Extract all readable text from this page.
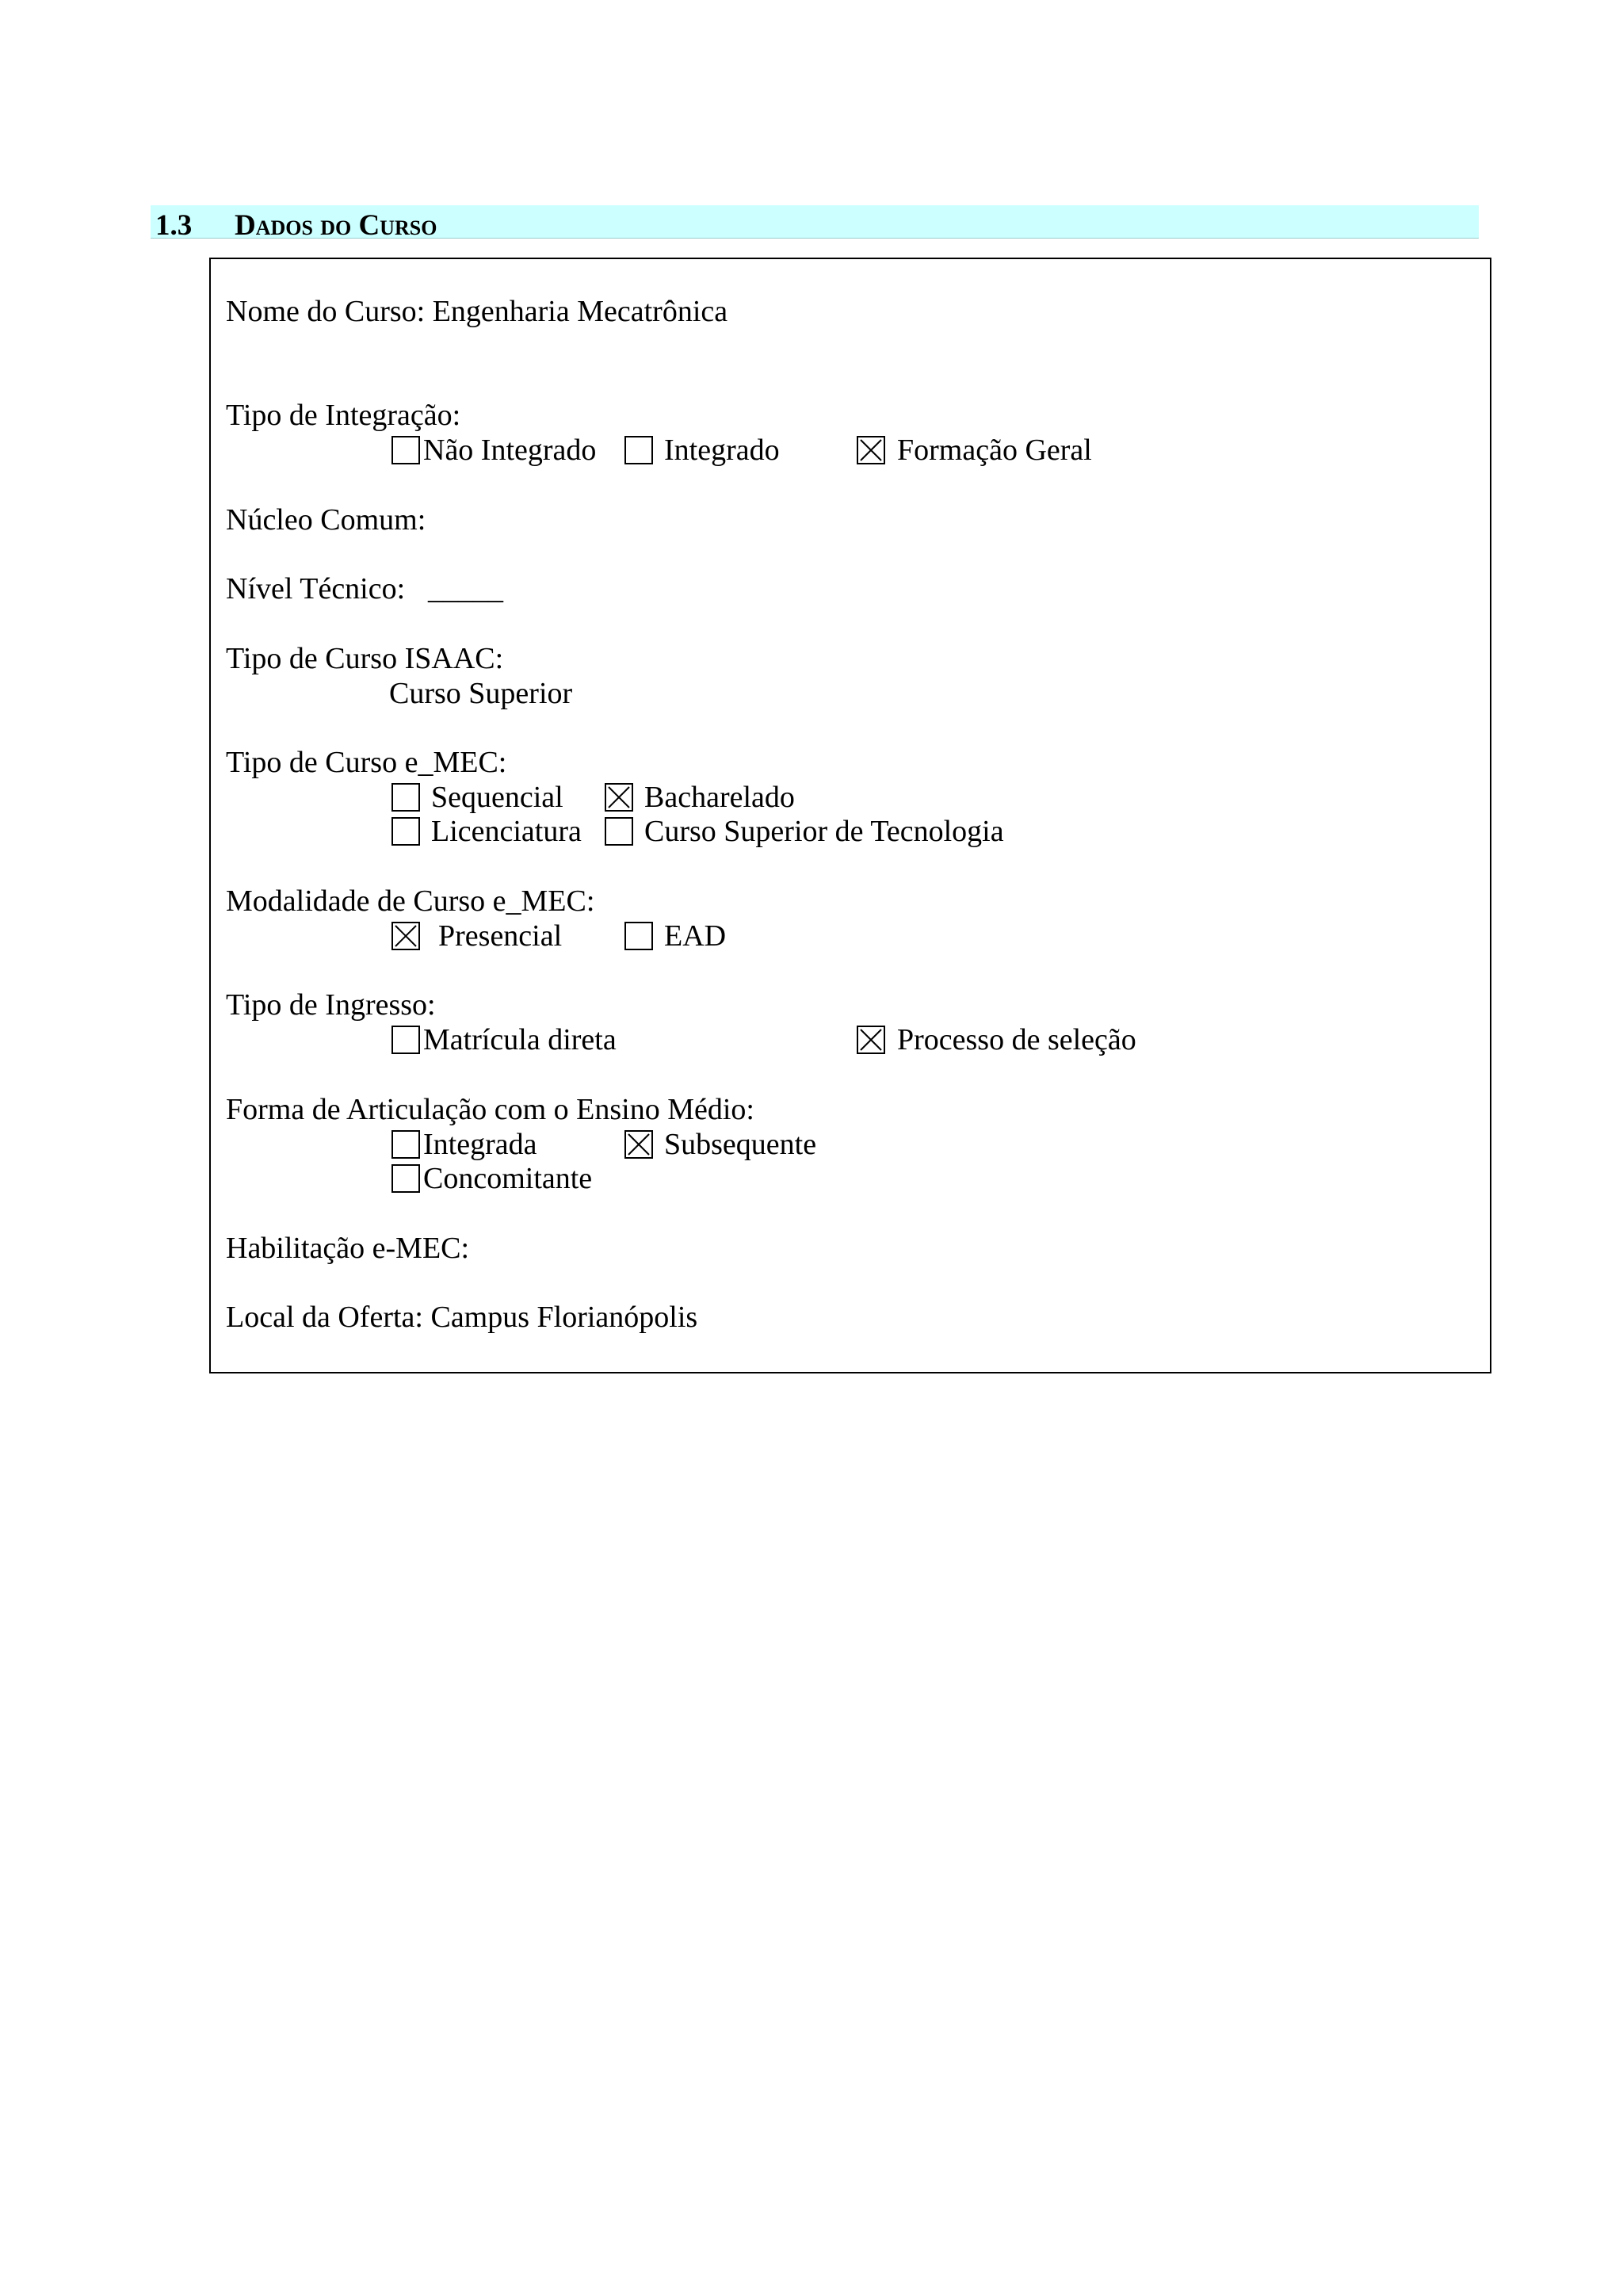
1.3 Dados do Curso
Nome do Curso: Engenharia Mecatrônica
Tipo de Integração:
Não Integrado Integrado	Formação Geral
Núcleo Comum:
Nível Técnico: _____
Tipo de Curso ISAAC:
Curso Superior
Tipo de Curso e_MEC:
Sequencial	Bacharelado
Licenciatura Curso Superior de Tecnologia
Modalidade de Curso e_MEC:
Presencial	EAD
Tipo de Ingresso:
Matrícula direta	Processo de seleção
Forma de Articulação com o Ensino Médio:
Integrada	Subsequente
Concomitante
Habilitação e-MEC:
Local da Oferta: Campus Florianópolis
